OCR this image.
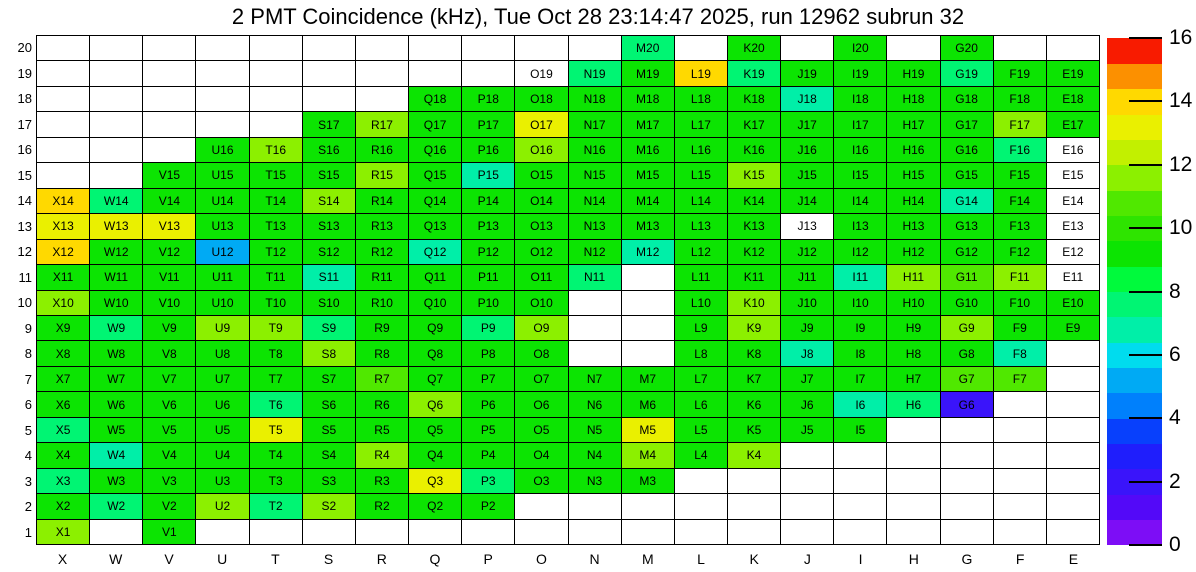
2 PMT Coincidence (kHz), Tue Oct 28 23:14:47 2025, run 12962 subrun 32
M20	K20	I20	G20
O19	N19	M19	L19	K19	J19	I19	H19	G19	F19	E19
Q18	P18	O18	N18	M18	L18	K18	J18	I18	H18	G18	F18	E18
S17	R17	Q17	P17	O17	N17	M17	L17	K17	J17	I17	H17	G17	F17	E17
U16	T16	S16	R16	Q16	P16	O16	N16	M16	L16	K16	J16	I16	H16	G16	F16	E16
V15	U15	T15	S15	R15	Q15	P15	O15	N15	M15	L15	K15	J15	I15	H15	G15	F15	E15
X14	W14	V14	U14	T14	S14	R14	Q14	P14	O14	N14	M14	L14	K14	J14	I14	H14	G14	F14	E14
X13	W13	V13	U13	T13	S13	R13	Q13	P13	O13	N13	M13	L13	K13	J13	I13	H13	G13	F13	E13
X12	W12	V12	U12	T12	S12	R12	Q12	P12	O12	N12	M12	L12	K12	J12	I12	H12	G12	F12	E12
X11	W11	V11	U11	T11	S11	R11	Q11	P11	O11	N11	L11	K11	J11	I11	H11	G11	F11	E11
X10	W10	V10	U10	T10	S10	R10	Q10	P10	O10	L10	K10	J10	I10	H10	G10	F10	E10
X9	W9	V9	U9	T9	S9	R9	Q9	P9	O9	L9	K9	J9	I9	H9	G9	F9	E9
X8	W8	V8	U8	T8	S8	R8	Q8	P8	O8	L8	K8	J8	I8	H8	G8	F8
X7	W7	V7	U7	T7	S7	R7	Q7	P7	O7	N7	M7	L7	K7	J7	I7	H7	G7	F7
X6	W6	V6	U6	T6	S6	R6	Q6	P6	O6	N6	M6	L6	K6	J6	I6	H6	G6
X5	W5	V5	U5	T5	S5	R5	Q5	P5	O5	N5	M5	L5	K5	J5	I5
X4	W4	V4	U4	T4	S4	R4	Q4	P4	O4	N4	M4	L4	K4
X3	W3	V3	U3	T3	S3	R3	Q3	P3	O3	N3	M3
X2	W2	V2	U2	T2	S2	R2	Q2	P2
X1	V1
20
19
18
17
16
15
14
13
12
11
10
9
8
7
6
5
4
3
2
1
X	W	V	U	T	S	R	Q	P	O	N	M	L	K	J	I	H	G	F	E
0
2
4
6
8
10
12
14
16
